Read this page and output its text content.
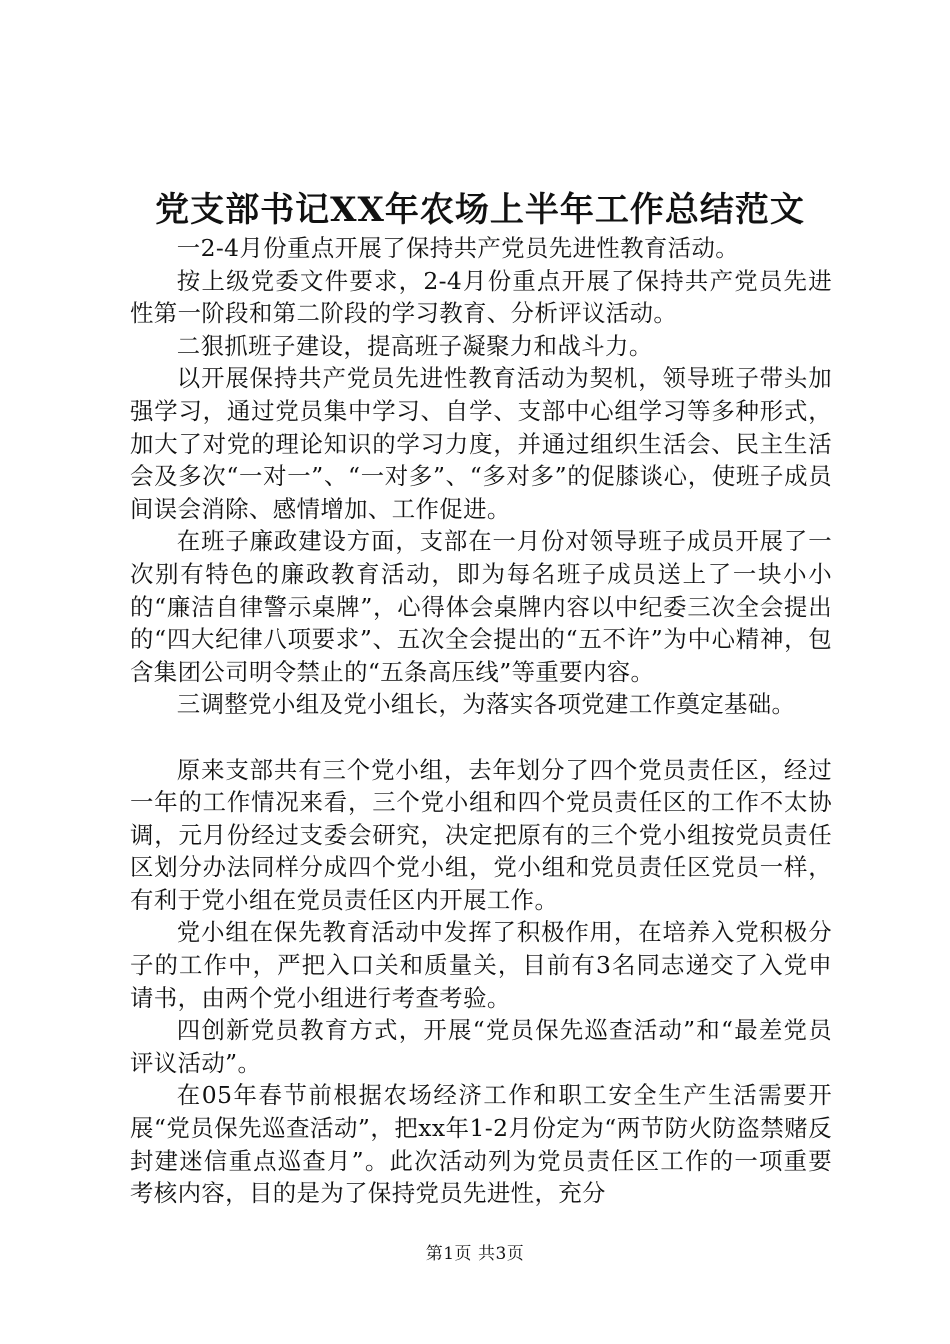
党支部书记XX年农场上半年工作总结范文

一2-4月份重点开展了保持共产党员先进性教育活动。

按上级党委文件要求，2-4月份重点开展了保持共产党员先进性第一阶段和第二阶段的学习教育、分析评议活动。

二狠抓班子建设，提高班子凝聚力和战斗力。

以开展保持共产党员先进性教育活动为契机，领导班子带头加强学习，通过党员集中学习、自学、支部中心组学习等多种形式，加大了对党的理论知识的学习力度，并通过组织生活会、民主生活会及多次“一对一”、“一对多”、“多对多”的促膝谈心，使班子成员间误会消除、感情增加、工作促进。

在班子廉政建设方面，支部在一月份对领导班子成员开展了一次别有特色的廉政教育活动，即为每名班子成员送上了一块小小的“廉洁自律警示桌牌”，心得体会桌牌内容以中纪委三次全会提出的“四大纪律八项要求”、五次全会提出的“五不许”为中心精神，包含集团公司明令禁止的“五条高压线”等重要内容。

三调整党小组及党小组长，为落实各项党建工作奠定基础。

原来支部共有三个党小组，去年划分了四个党员责任区，经过一年的工作情况来看，三个党小组和四个党员责任区的工作不太协调，元月份经过支委会研究，决定把原有的三个党小组按党员责任区划分办法同样分成四个党小组，党小组和党员责任区党员一样，有利于党小组在党员责任区内开展工作。

党小组在保先教育活动中发挥了积极作用，在培养入党积极分子的工作中，严把入口关和质量关，目前有3名同志递交了入党申请书，由两个党小组进行考查考验。

四创新党员教育方式，开展“党员保先巡查活动”和“最差党员评议活动”。

在05年春节前根据农场经济工作和职工安全生产生活需要开展“党员保先巡查活动”，把xx年1-2月份定为“两节防火防盗禁赌反封建迷信重点巡查月”。此次活动列为党员责任区工作的一项重要考核内容，目的是为了保持党员先进性，充分

第1页 共3页
